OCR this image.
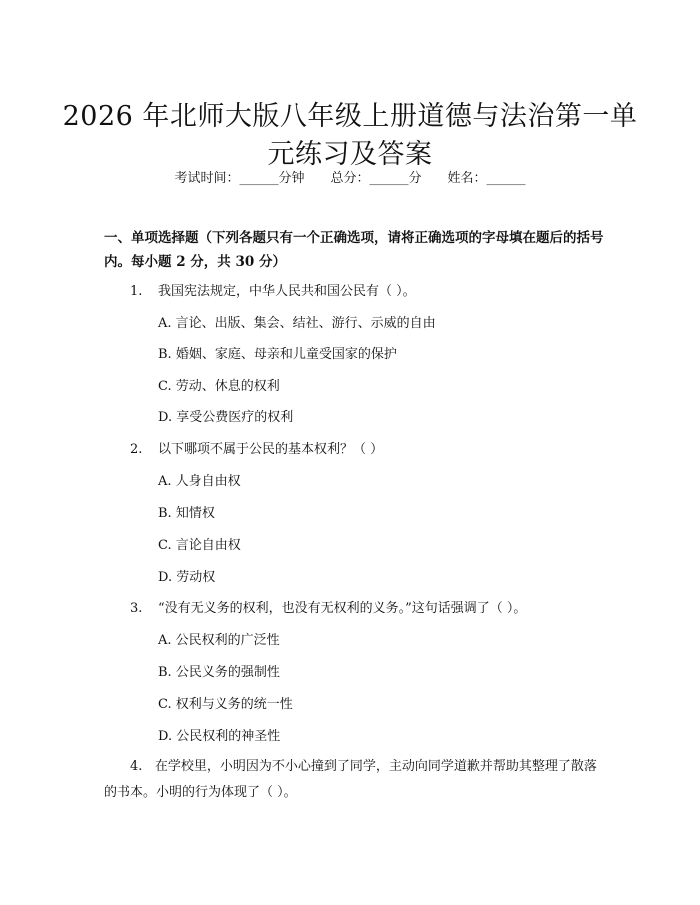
2026 年北师大版八年级上册道德与法治第一单元练习及答案
考试时间：______分钟 总分：______分 姓名：______
一、单项选择题（下列各题只有一个正确选项，请将正确选项的字母填在题后的括号内。每小题 2 分，共 30 分）
1. 我国宪法规定，中华人民共和国公民有（ ）。
A. 言论、出版、集会、结社、游行、示威的自由
B. 婚姻、家庭、母亲和儿童受国家的保护
C. 劳动、休息的权利
D. 享受公费医疗的权利
2. 以下哪项不属于公民的基本权利？（ ）
A. 人身自由权
B. 知情权
C. 言论自由权
D. 劳动权
3. “没有无义务的权利，也没有无权利的义务。”这句话强调了（ ）。
A. 公民权利的广泛性
B. 公民义务的强制性
C. 权利与义务的统一性
D. 公民权利的神圣性
4. 在学校里，小明因为不小心撞到了同学，主动向同学道歉并帮助其整理了散落的书本。小明的行为体现了（ ）。
